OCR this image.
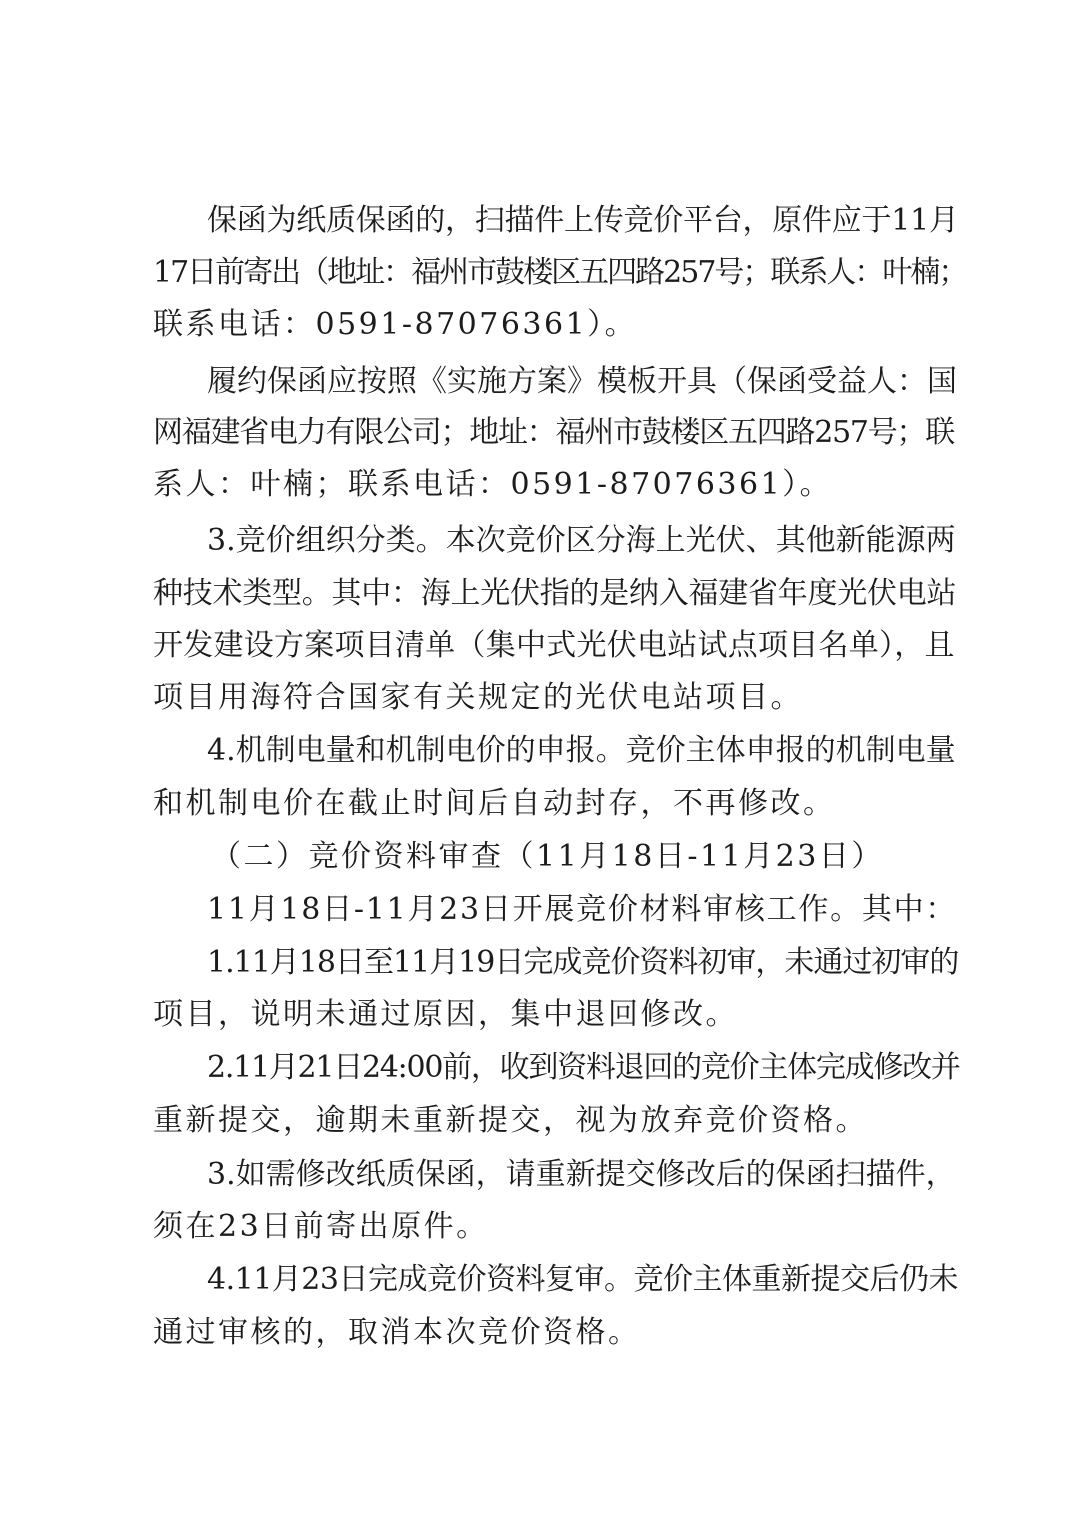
保函为纸质保函的，扫描件上传竞价平台，原件应于11月
17日前寄出（地址：福州市鼓楼区五四路257号；联系人：叶楠；
联系电话：0591-87076361）。
履约保函应按照《实施方案》模板开具（保函受益人：国
网福建省电力有限公司；地址：福州市鼓楼区五四路257号；联
系人：叶楠；联系电话：0591-87076361）。
3.竞价组织分类。本次竞价区分海上光伏、其他新能源两
种技术类型。其中：海上光伏指的是纳入福建省年度光伏电站
开发建设方案项目清单（集中式光伏电站试点项目名单），且
项目用海符合国家有关规定的光伏电站项目。
4.机制电量和机制电价的申报。竞价主体申报的机制电量
和机制电价在截止时间后自动封存，不再修改。
（二）竞价资料审查（11月18日-11月23日）
11月18日-11月23日开展竞价材料审核工作。其中：
1.11月18日至11月19日完成竞价资料初审，未通过初审的
项目，说明未通过原因，集中退回修改。
2.11月21日24:00前，收到资料退回的竞价主体完成修改并
重新提交，逾期未重新提交，视为放弃竞价资格。
3.如需修改纸质保函，请重新提交修改后的保函扫描件，
须在23日前寄出原件。
4.11月23日完成竞价资料复审。竞价主体重新提交后仍未
通过审核的，取消本次竞价资格。
